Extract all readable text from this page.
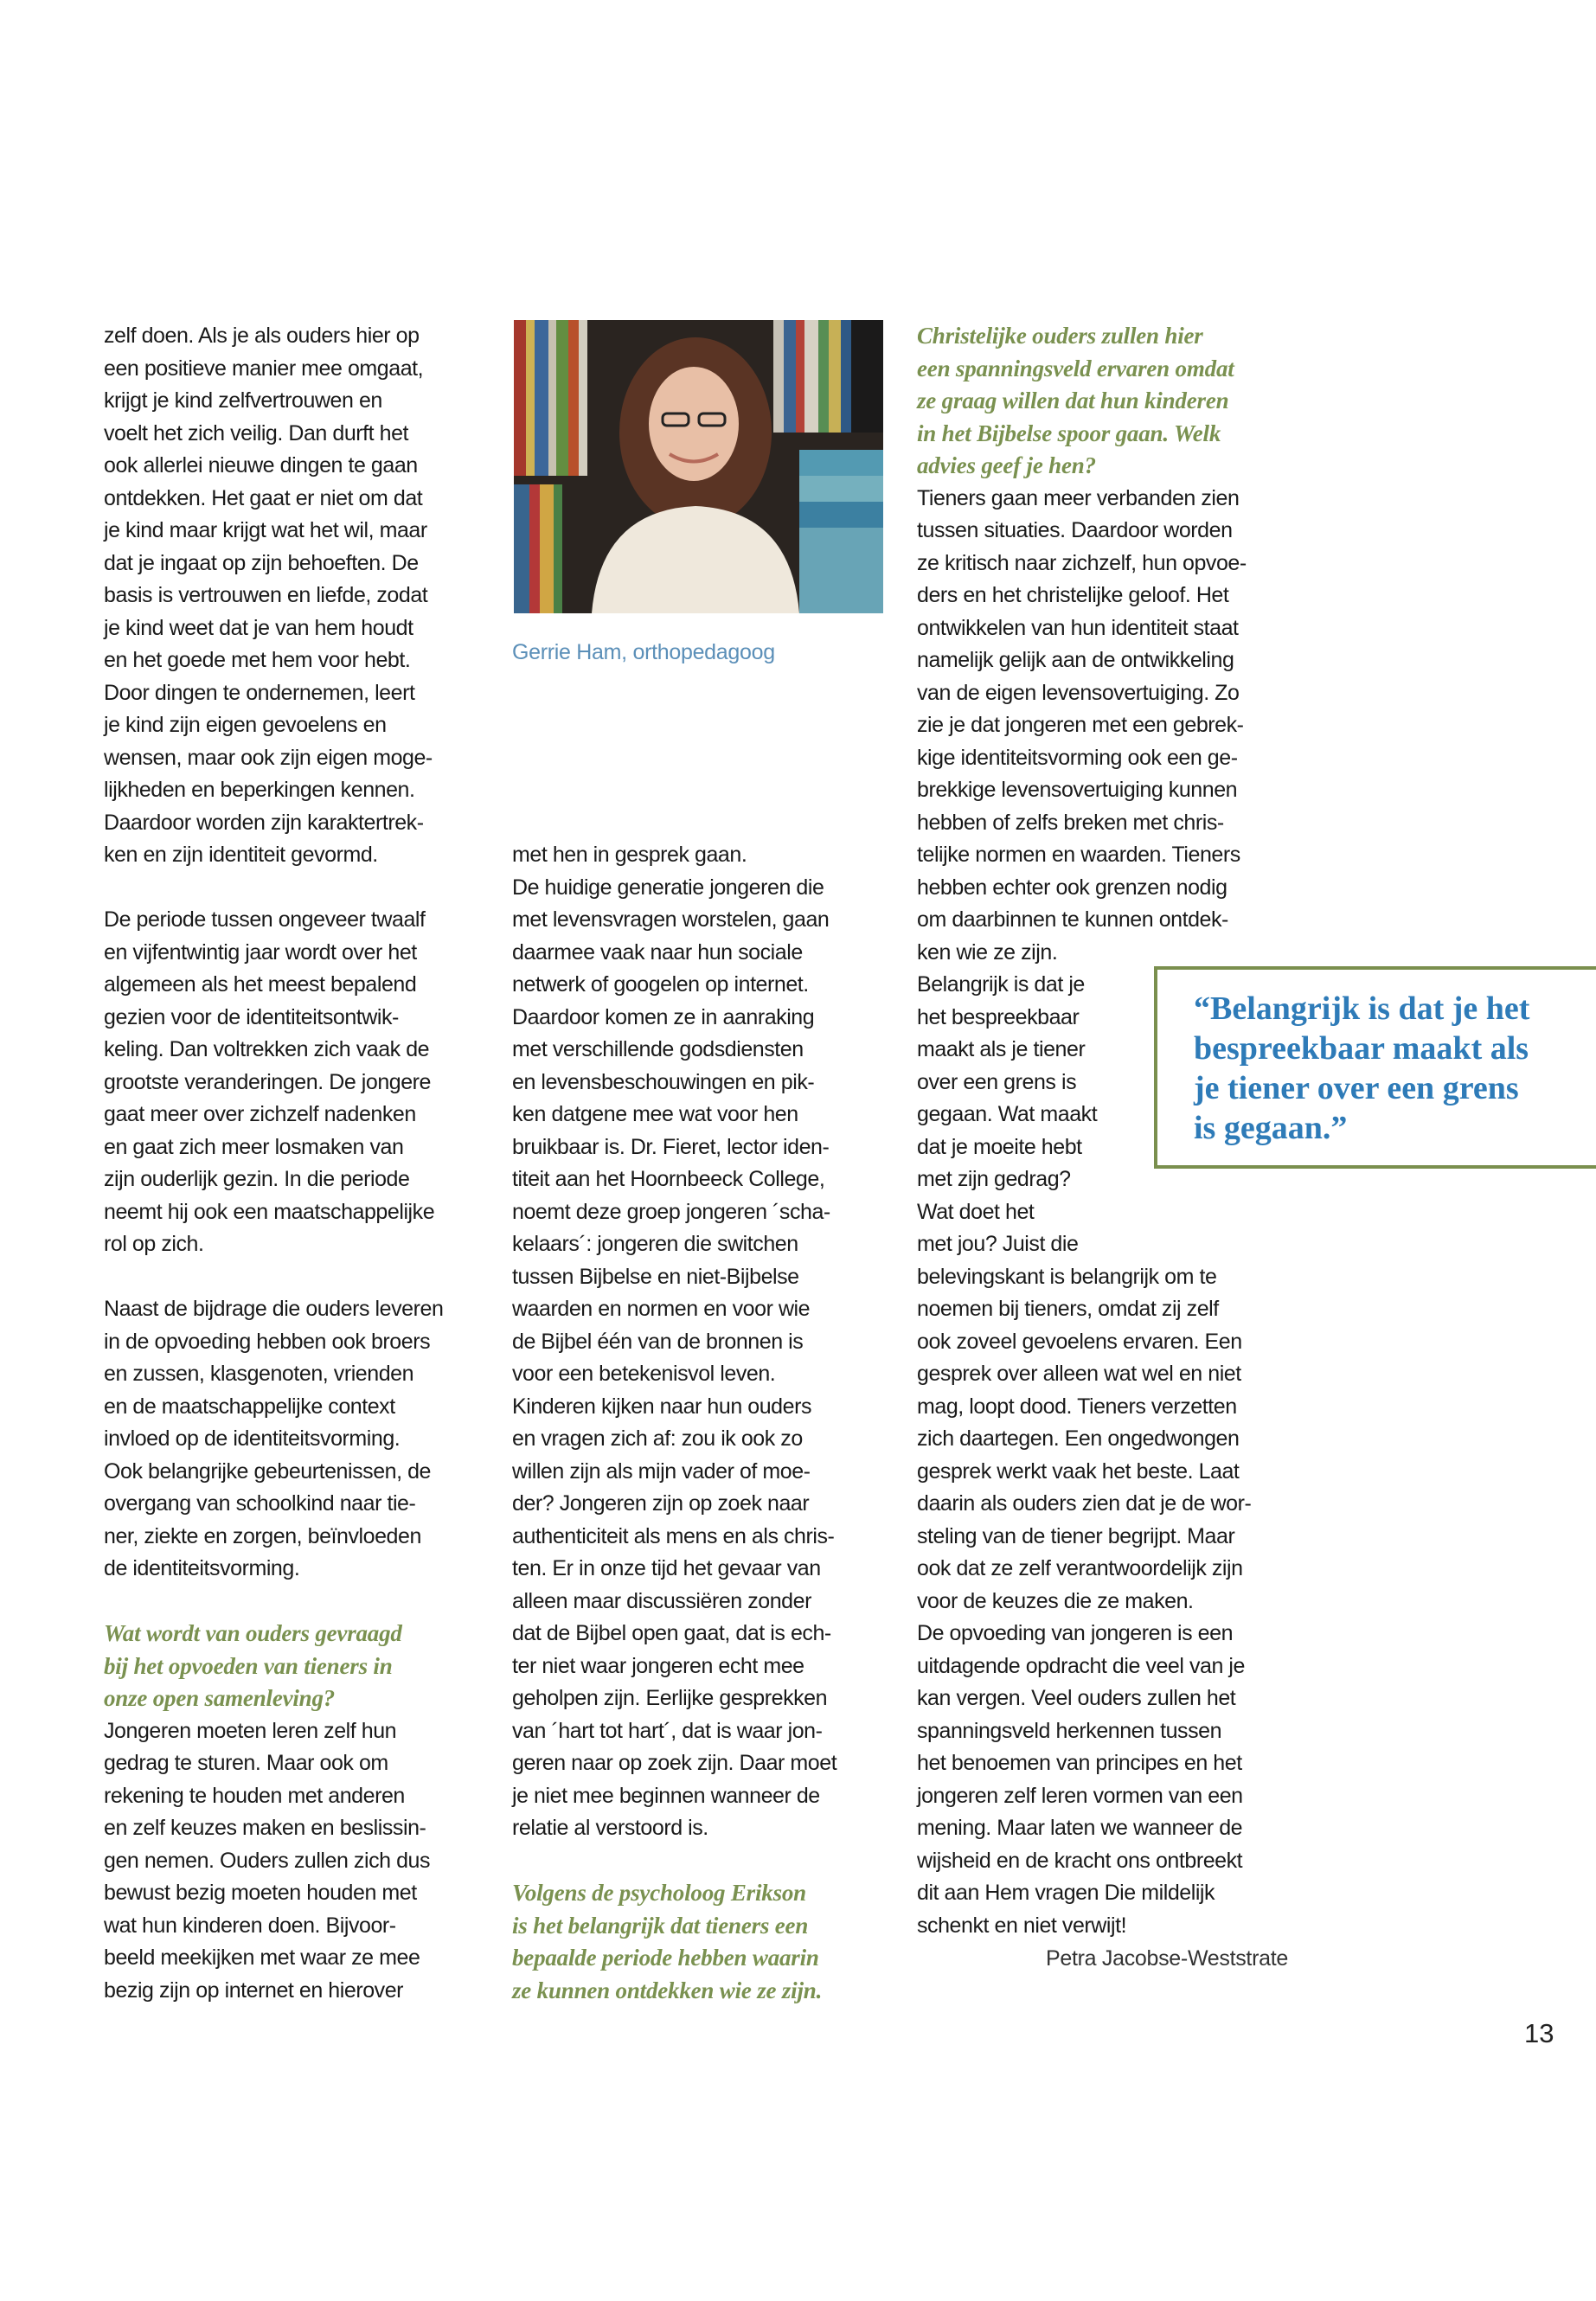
zelf doen. Als je als ouders hier op
een positieve manier mee omgaat,
krijgt je kind zelfvertrouwen en
voelt het zich veilig. Dan durft het
ook allerlei nieuwe dingen te gaan
ontdekken. Het gaat er niet om dat
je kind maar krijgt wat het wil, maar
dat je ingaat op zijn behoeften. De
basis is vertrouwen en liefde, zodat
je kind weet dat je van hem houdt
en het goede met hem voor hebt.
Door dingen te ondernemen, leert
je kind zijn eigen gevoelens en
wensen, maar ook zijn eigen moge-
lijkheden en beperkingen kennen.
Daardoor worden zijn karaktertrek-
ken en zijn identiteit gevormd.
De periode tussen ongeveer twaalf
en vijfentwintig jaar wordt over het
algemeen als het meest bepalend
gezien voor de identiteitsontwik-
keling. Dan voltrekken zich vaak de
grootste veranderingen. De jongere
gaat meer over zichzelf nadenken
en gaat zich meer losmaken van
zijn ouderlijk gezin. In die periode
neemt hij ook een maatschappelijke
rol op zich.
Naast de bijdrage die ouders leveren
in de opvoeding hebben ook broers
en zussen, klasgenoten, vrienden
en de maatschappelijke context
invloed op de identiteitsvorming.
Ook belangrijke gebeurtenissen, de
overgang van schoolkind naar tie-
ner, ziekte en zorgen, beïnvloeden
de identiteitsvorming.
Wat wordt van ouders gevraagd
bij het opvoeden van tieners in
onze open samenleving?
Jongeren moeten leren zelf hun
gedrag te sturen. Maar ook om
rekening te houden met anderen
en zelf keuzes maken en beslissin-
gen nemen. Ouders zullen zich dus
bewust bezig moeten houden met
wat hun kinderen doen. Bijvoor-
beeld meekijken met waar ze mee
bezig zijn op internet en hierover
Gerrie Ham, orthopedagoog
met hen in gesprek gaan.
De huidige generatie jongeren die
met levensvragen worstelen, gaan
daarmee vaak naar hun sociale
netwerk of googelen op internet.
Daardoor komen ze in aanraking
met verschillende godsdiensten
en levensbeschouwingen en pik-
ken datgene mee wat voor hen
bruikbaar is. Dr. Fieret, lector iden-
titeit aan het Hoornbeeck College,
noemt deze groep jongeren ´scha-
kelaars´: jongeren die switchen
tussen Bijbelse en niet-Bijbelse
waarden en normen en voor wie
de Bijbel één van de bronnen is
voor een betekenisvol leven.
Kinderen kijken naar hun ouders
en vragen zich af: zou ik ook zo
willen zijn als mijn vader of moe-
der? Jongeren zijn op zoek naar
authenticiteit als mens en als chris-
ten. Er in onze tijd het gevaar van
alleen maar discussiëren zonder
dat de Bijbel open gaat, dat is ech-
ter niet waar jongeren echt mee
geholpen zijn. Eerlijke gesprekken
van ´hart tot hart´, dat is waar jon-
geren naar op zoek zijn. Daar moet
je niet mee beginnen wanneer de
relatie al verstoord is.
Volgens de psycholoog Erikson
is het belangrijk dat tieners een
bepaalde periode hebben waarin
ze kunnen ontdekken wie ze zijn.
Christelijke ouders zullen hier
een spanningsveld ervaren omdat
ze graag willen dat hun kinderen
in het Bijbelse spoor gaan. Welk
advies geef je hen?
Tieners gaan meer verbanden zien
tussen situaties. Daardoor worden
ze kritisch naar zichzelf, hun opvoe-
ders en het christelijke geloof. Het
ontwikkelen van hun identiteit staat
namelijk gelijk aan de ontwikkeling
van de eigen levensovertuiging. Zo
zie je dat jongeren met een gebrek-
kige identiteitsvorming ook een ge-
brekkige levensovertuiging kunnen
hebben of zelfs breken met chris-
telijke normen en waarden. Tieners
hebben echter ook grenzen nodig
om daarbinnen te kunnen ontdek-
ken wie ze zijn.
Belangrijk is dat je
het bespreekbaar
maakt als je tiener
over een grens is
gegaan. Wat maakt
dat je moeite hebt
met zijn gedrag?
Wat doet het
met jou? Juist die
belevingskant is belangrijk om te
noemen bij tieners, omdat zij zelf
ook zoveel gevoelens ervaren. Een
gesprek over alleen wat wel en niet
mag, loopt dood. Tieners verzetten
zich daartegen. Een ongedwongen
gesprek werkt vaak het beste. Laat
daarin als ouders zien dat je de wor-
steling van de tiener begrijpt. Maar
ook dat ze zelf verantwoordelijk zijn
voor de keuzes die ze maken.
De opvoeding van jongeren is een
uitdagende opdracht die veel van je
kan vergen. Veel ouders zullen het
spanningsveld herkennen tussen
het benoemen van principes en het
jongeren zelf leren vormen van een
mening. Maar laten we wanneer de
wijsheid en de kracht ons ontbreekt
dit aan Hem vragen Die mildelijk
schenkt en niet verwijt!
“Belangrijk is dat je het
bespreekbaar maakt als
je tiener over een grens
is gegaan.”
Petra Jacobse-Weststrate
13
